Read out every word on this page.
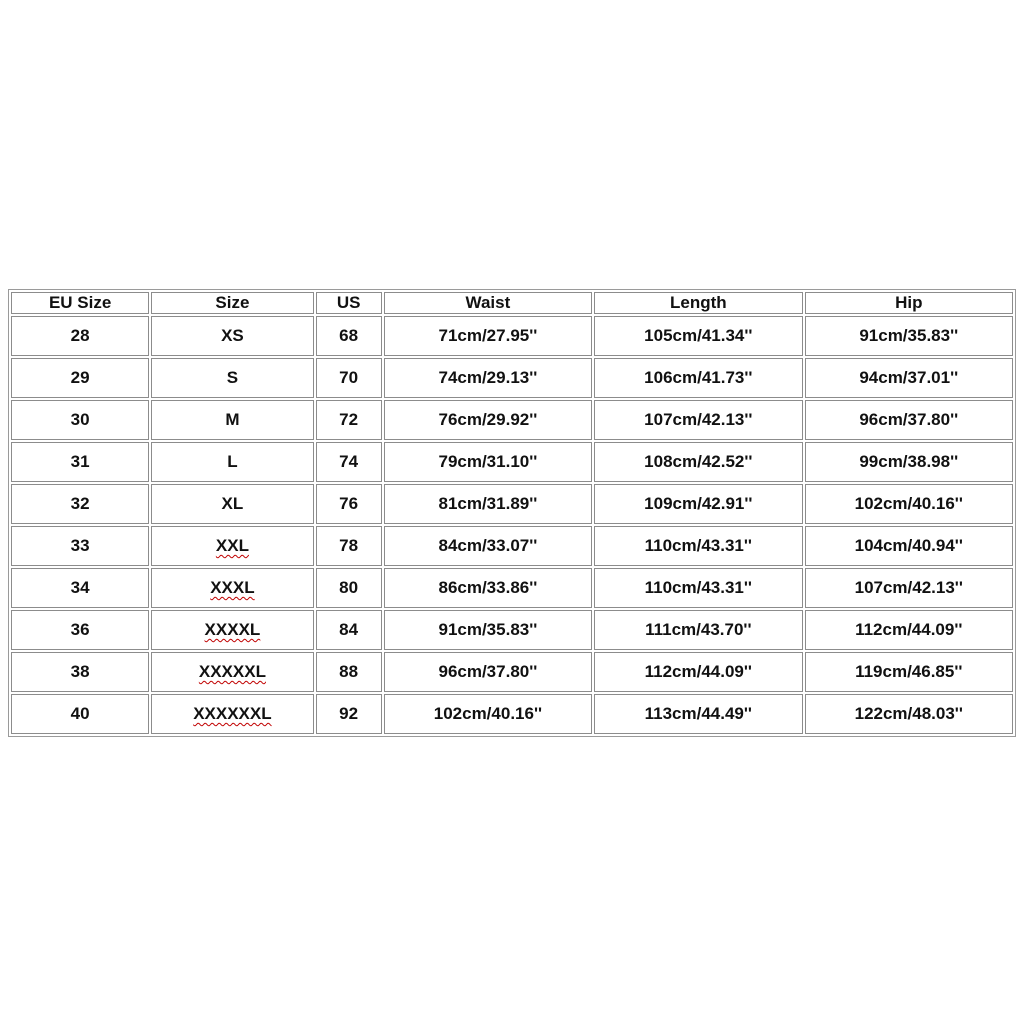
EU Size	Size	US	Waist	Length	Hip
28	XS	68	71cm/27.95''	105cm/41.34''	91cm/35.83''
29	S	70	74cm/29.13''	106cm/41.73''	94cm/37.01''
30	M	72	76cm/29.92''	107cm/42.13''	96cm/37.80''
31	L	74	79cm/31.10''	108cm/42.52''	99cm/38.98''
32	XL	76	81cm/31.89''	109cm/42.91''	102cm/40.16''
33	XXL	78	84cm/33.07''	110cm/43.31''	104cm/40.94''
34	XXXL	80	86cm/33.86''	110cm/43.31''	107cm/42.13''
36	XXXXL	84	91cm/35.83''	111cm/43.70''	112cm/44.09''
38	XXXXXL	88	96cm/37.80''	112cm/44.09''	119cm/46.85''
40	XXXXXXL	92	102cm/40.16''	113cm/44.49''	122cm/48.03''
